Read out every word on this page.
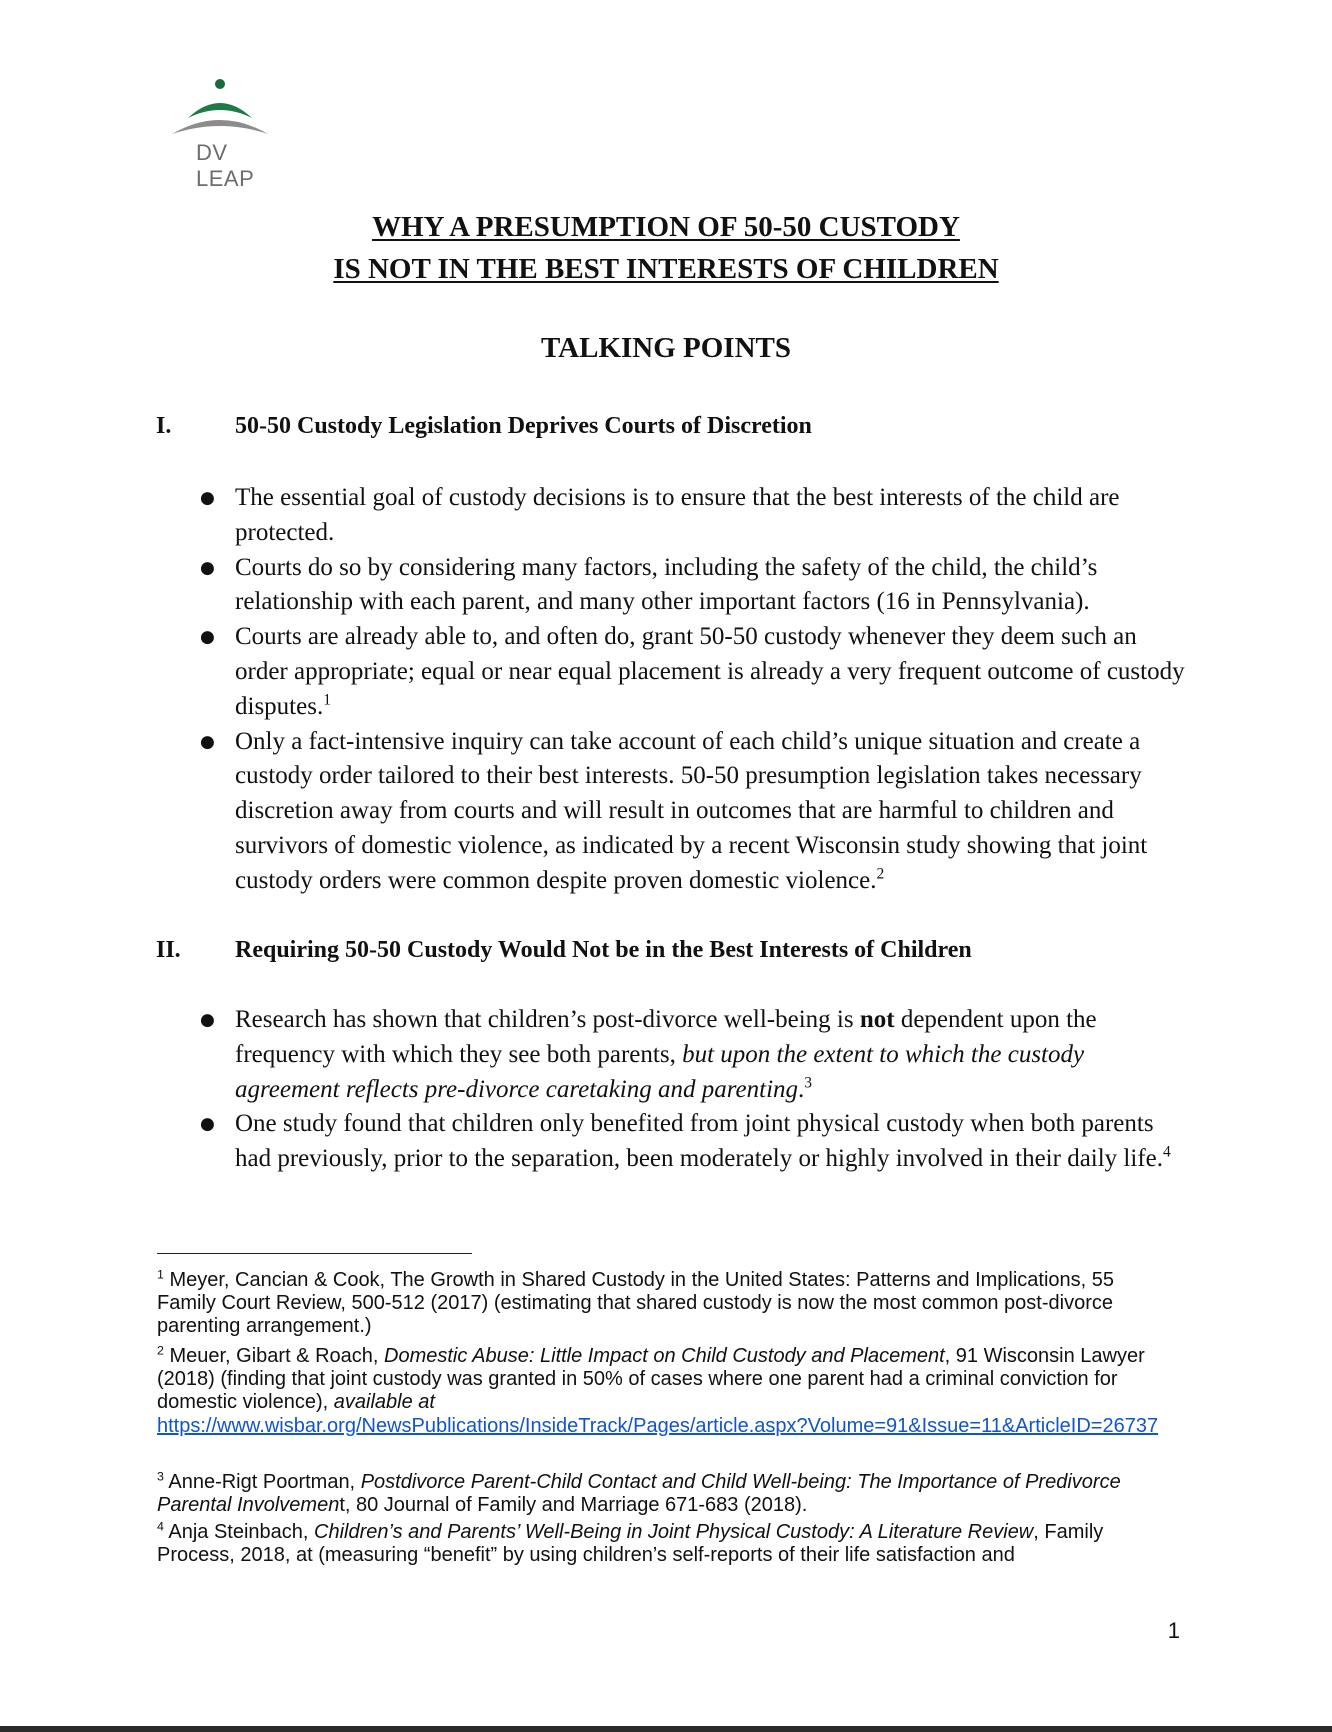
DV LEAP
WHY A PRESUMPTION OF 50-50 CUSTODY
IS NOT IN THE BEST INTERESTS OF CHILDREN
TALKING POINTS
I.	50-50 Custody Legislation Deprives Courts of Discretion
● The essential goal of custody decisions is to ensure that the best interests of the child are protected.
● Courts do so by considering many factors, including the safety of the child, the child’s relationship with each parent, and many other important factors (16 in Pennsylvania).
● Courts are already able to, and often do, grant 50-50 custody whenever they deem such an order appropriate; equal or near equal placement is already a very frequent outcome of custody disputes.$^1$
● Only a fact-intensive inquiry can take account of each child’s unique situation and create a custody order tailored to their best interests. 50-50 presumption legislation takes necessary discretion away from courts and will result in outcomes that are harmful to children and survivors of domestic violence, as indicated by a recent Wisconsin study showing that joint custody orders were common despite proven domestic violence.$^2$
II. Requiring 50-50 Custody Would Not be in the Best Interests of Children
● Research has shown that children’s post-divorce well-being is not dependent upon the frequency with which they see both parents, but upon the extent to which the custody agreement reflects pre-divorce caretaking and parenting.$^3$
● One study found that children only benefited from joint physical custody when both parents had previously, prior to the separation, been moderately or highly involved in their daily life.$^4$
$^1$ Meyer, Cancian & Cook, The Growth in Shared Custody in the United States: Patterns and Implications, 55 Family Court Review, 500-512 (2017) (estimating that shared custody is now the most common post-divorce parenting arrangement.)
$^2$ Meuer, Gibart & Roach, Domestic Abuse: Little Impact on Child Custody and Placement, 91 Wisconsin Lawyer (2018) (finding that joint custody was granted in 50% of cases where one parent had a criminal conviction for domestic violence), available at
https://www.wisbar.org/NewsPublications/InsideTrack/Pages/article.aspx?Volume=91&Issue=11&ArticleID=26737
$^3$ Anne-Rigt Poortman, Postdivorce Parent-Child Contact and Child Well-being: The Importance of Predivorce Parental Involvement, 80 Journal of Family and Marriage 671-683 (2018).
$^4$ Anja Steinbach, Children’s and Parents’ Well-Being in Joint Physical Custody: A Literature Review, Family Process, 2018, at (measuring “benefit” by using children’s self-reports of their life satisfaction and
1
